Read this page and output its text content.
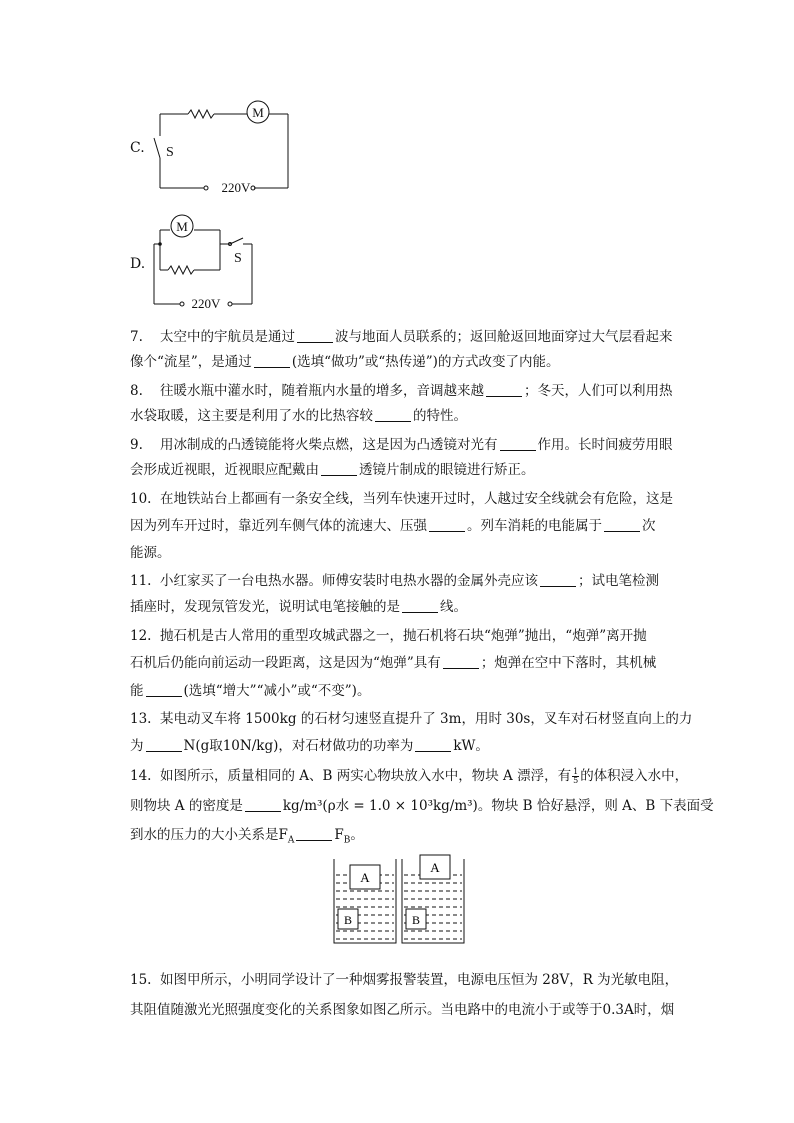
C.
M
S
220V
D.
M
S
220V
7. 太空中的宇航员是通过	波与地面人员联系的；返回舱返回地面穿过大气层看起来
像个“流星”，是通过	(选填“做功”或“热传递”)的方式改变了内能。
8. 往暖水瓶中灌水时，随着瓶内水量的增多，音调越来越	；冬天，人们可以利用热
水袋取暖，这主要是利用了水的比热容较	的特性。
9. 用冰制成的凸透镜能将火柴点燃，这是因为凸透镜对光有	作用。长时间疲劳用眼
会形成近视眼，近视眼应配戴由	透镜片制成的眼镜进行矫正。
10. 在地铁站台上都画有一条安全线，当列车快速开过时，人越过安全线就会有危险，这是
因为列车开过时，靠近列车侧气体的流速大、压强	。列车消耗的电能属于	次
能源。
11. 小红家买了一台电热水器。师傅安装时电热水器的金属外壳应该	；试电笔检测
插座时，发现氖管发光，说明试电笔接触的是	线。
12. 抛石机是古人常用的重型攻城武器之一，抛石机将石块“炮弹”抛出，“炮弹”离开抛
石机后仍能向前运动一段距离，这是因为“炮弹”具有	；炮弹在空中下落时，其机械
能	(选填“增大”“减小”或“不变”)。
13. 某电动叉车将 1500kg 的石材匀速竖直提升了 3m，用时 30s，叉车对石材竖直向上的力
为	N(g取10N/kg)，对石材做功的功率为	kW。
14. 如图所示，质量相同的 A、B 两实心物块放入水中，物块 A 漂浮，有 $\frac{1}{5}$ 的体积浸入水中，
则物块 A 的密度是	kg/m³(ρ水 = 1.0 × 10³kg/m³)。物块 B 恰好悬浮，则 A、B 下表面受
到水的压力的大小关系是$F_A$	$F_B$。
A
B
A
B
15. 如图甲所示，小明同学设计了一种烟雾报警装置，电源电压恒为 28V，R 为光敏电阻，
其阻值随激光光照强度变化的关系图象如图乙所示。当电路中的电流小于或等于0.3A时，烟
